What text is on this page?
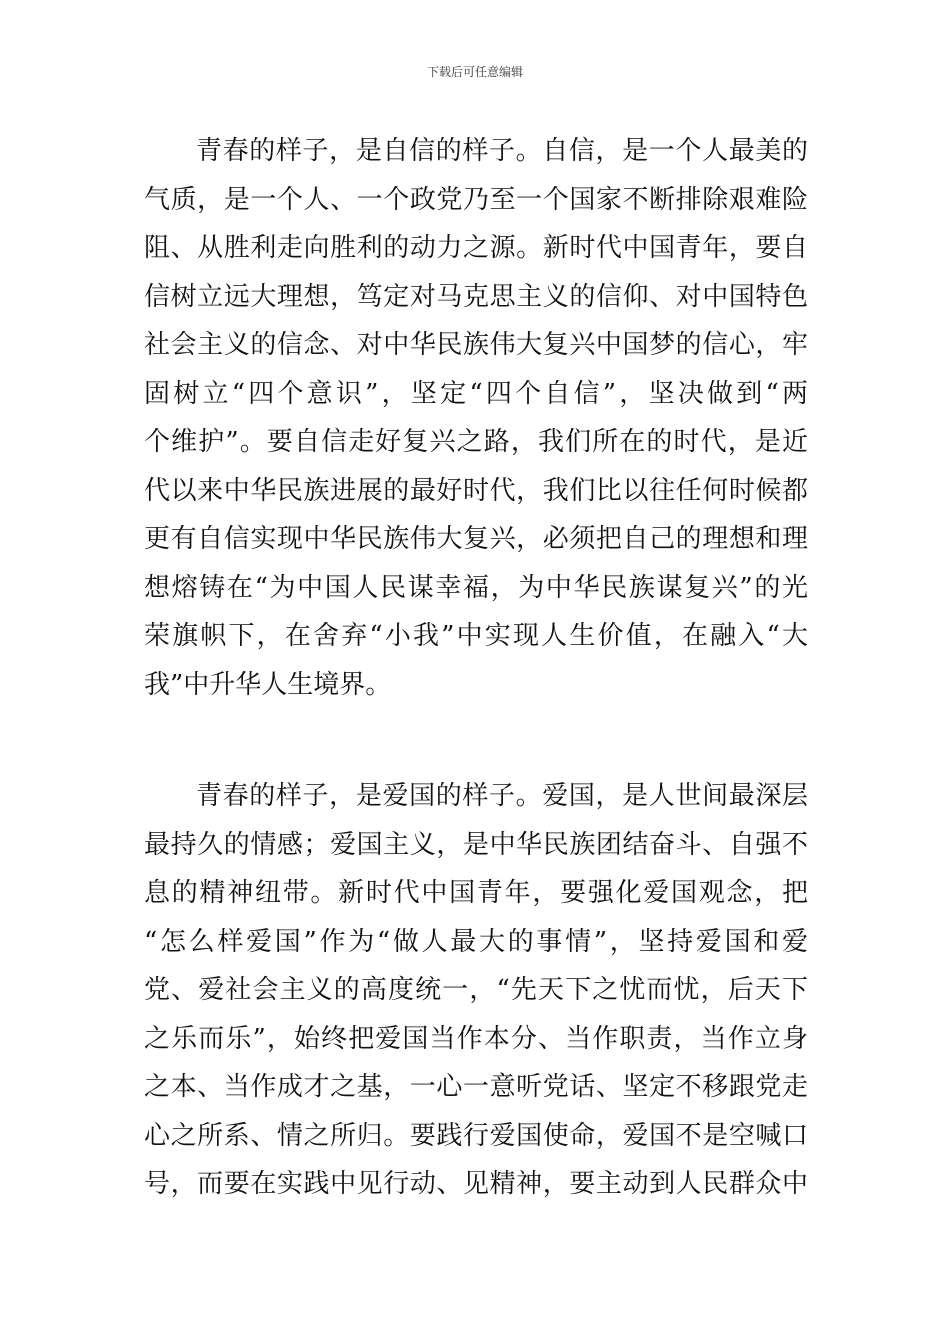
下载后可任意编辑
青春的样子，是自信的样子。自信，是一个人最美的
气质，是一个人、一个政党乃至一个国家不断排除艰难险
阻、从胜利走向胜利的动力之源。新时代中国青年，要自
信树立远大理想，笃定对马克思主义的信仰、对中国特色
社会主义的信念、对中华民族伟大复兴中国梦的信心，牢
固树立“四个意识”，坚定“四个自信”，坚决做到“两
个维护”。要自信走好复兴之路，我们所在的时代，是近
代以来中华民族进展的最好时代，我们比以往任何时候都
更有自信实现中华民族伟大复兴，必须把自己的理想和理
想熔铸在“为中国人民谋幸福，为中华民族谋复兴”的光
荣旗帜下，在舍弃“小我”中实现人生价值，在融入“大
我”中升华人生境界。
青春的样子，是爱国的样子。爱国，是人世间最深层
最持久的情感；爱国主义，是中华民族团结奋斗、自强不
息的精神纽带。新时代中国青年，要强化爱国观念，把
“怎么样爱国”作为“做人最大的事情”，坚持爱国和爱
党、爱社会主义的高度统一，“先天下之忧而忧，后天下
之乐而乐”，始终把爱国当作本分、当作职责，当作立身
之本、当作成才之基，一心一意听党话、坚定不移跟党走
心之所系、情之所归。要践行爱国使命，爱国不是空喊口
号，而要在实践中见行动、见精神，要主动到人民群众中
